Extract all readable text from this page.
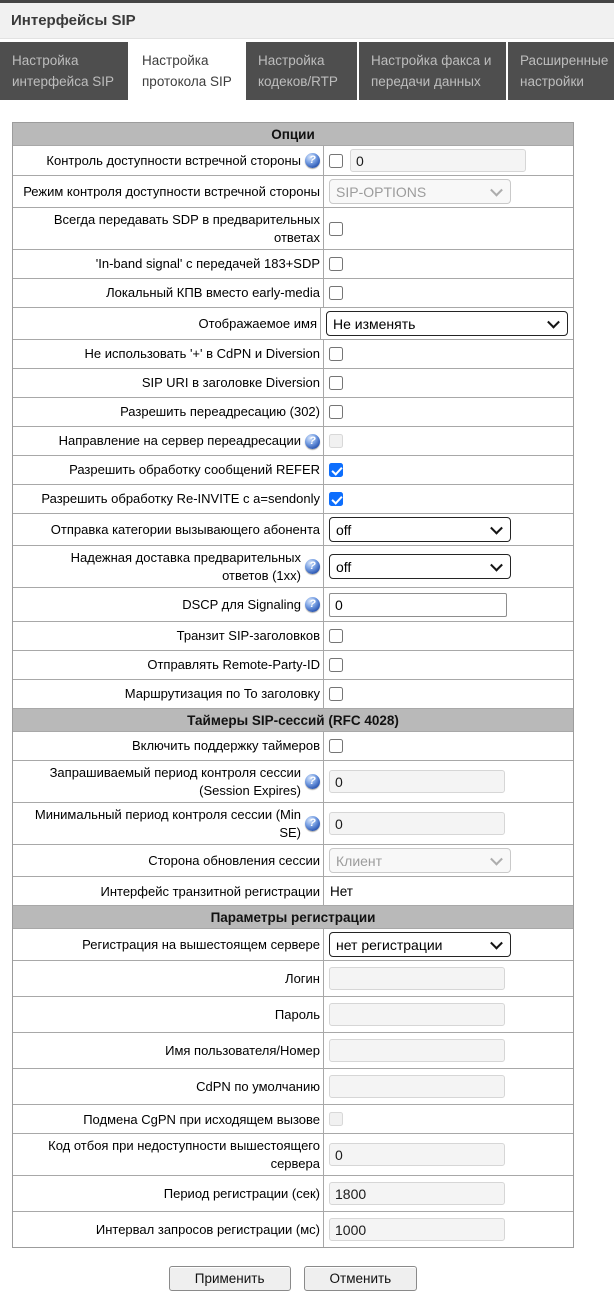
Интерфейсы SIP
Настройка интерфейса SIP
Настройка протокола SIP
Настройка кодеков/RTP
Настройка факса и передачи данных
Расширенные настройки
Опции
Контроль доступности встречной стороны ?
0
Режим контроля доступности встречной стороны SIP-OPTIONS
Всегда передавать SDP в предварительных ответах
'In-band signal' с передачей 183+SDP
Локальный КПВ вместо early-media
Отображаемое имя Не изменять
Не использовать '+' в CdPN и Diversion
SIP URI в заголовке Diversion
Разрешить переадресацию (302)
Направление на сервер переадресации ?
Разрешить обработку сообщений REFER
Разрешить обработку Re-INVITE с a=sendonly
Отправка категории вызывающего абонента off
Надежная доставка предварительных ответов (1xx)
? off
DSCP для Signaling ?
0
Транзит SIP-заголовков
Отправлять Remote-Party-ID
Маршрутизация по To заголовку
Таймеры SIP-сессий (RFC 4028)
Включить поддержку таймеров
Запрашиваемый период контроля сессии (Session Expires)
?
0
Минимальный период контроля сессии (Min SE)
?
0
Сторона обновления сессии Клиент
Интерфейс транзитной регистрации Нет
Параметры регистрации
Регистрация на вышестоящем сервере нет регистрации
Логин
Пароль
Имя пользователя/Номер
CdPN по умолчанию
Подмена CgPN при исходящем вызове
Код отбоя при недоступности вышестоящего сервера
0
Период регистрации (сек)
1800
Интервал запросов регистрации (мс)
1000
Применить	Отменить
